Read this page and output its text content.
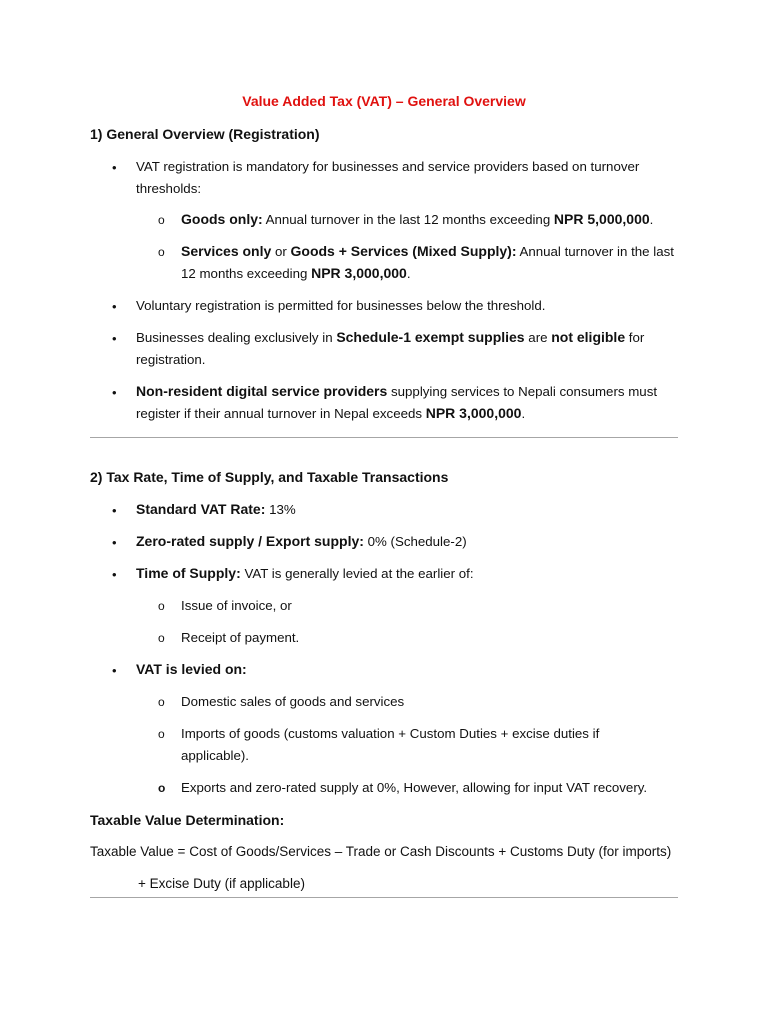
Value Added Tax (VAT) – General Overview
1) General Overview (Registration)
• VAT registration is mandatory for businesses and service providers based on turnover thresholds:
o Goods only: Annual turnover in the last 12 months exceeding NPR 5,000,000.
o Services only or Goods + Services (Mixed Supply): Annual turnover in the last 12 months exceeding NPR 3,000,000.
• Voluntary registration is permitted for businesses below the threshold.
• Businesses dealing exclusively in Schedule-1 exempt supplies are not eligible for registration.
• Non-resident digital service providers supplying services to Nepali consumers must register if their annual turnover in Nepal exceeds NPR 3,000,000.
2) Tax Rate, Time of Supply, and Taxable Transactions
• Standard VAT Rate: 13%
• Zero-rated supply / Export supply: 0% (Schedule-2)
• Time of Supply: VAT is generally levied at the earlier of:
o Issue of invoice, or
o Receipt of payment.
• VAT is levied on:
o Domestic sales of goods and services
o Imports of goods (customs valuation + Custom Duties + excise duties if applicable).
o Exports and zero-rated supply at 0%, However, allowing for input VAT recovery.
Taxable Value Determination:
Taxable Value = Cost of Goods/Services – Trade or Cash Discounts + Customs Duty (for imports)
+ Excise Duty (if applicable)
